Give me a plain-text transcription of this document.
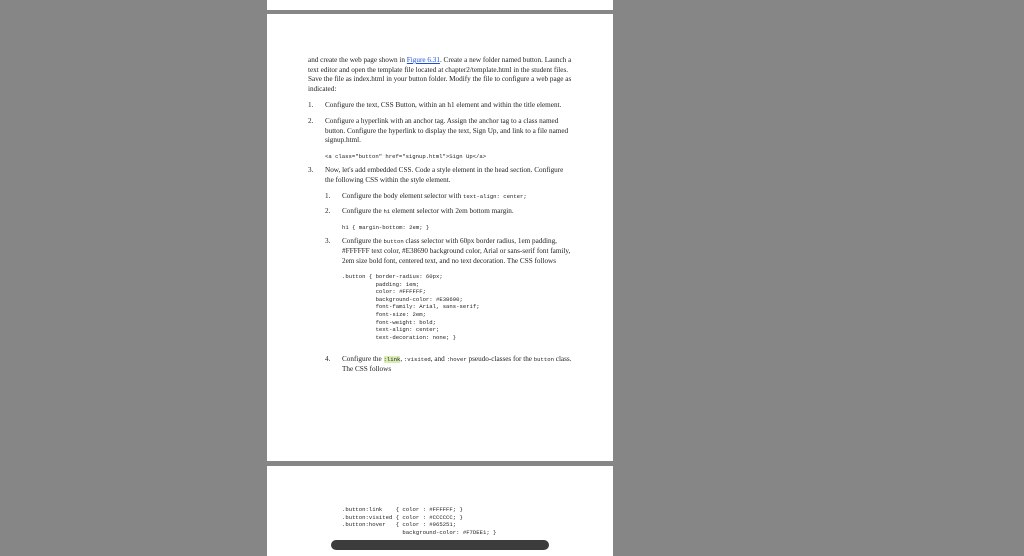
and create the web page shown in Figure 6.31. Create a new folder named button. Launch a text editor and open the template file located at chapter2/template.html in the student files. Save the file as index.html in your button folder. Modify the file to configure a web page as indicated:

1.	Configure the text, CSS Button, within an h1 element and within the title element.
2.	Configure a hyperlink with an anchor tag. Assign the anchor tag to a class named button. Configure the hyperlink to display the text, Sign Up, and link to a file named signup.html.
<a class="button" href="signup.html">Sign Up</a>
3.	Now, let's add embedded CSS. Code a style element in the head section. Configure the following CSS within the style element.
1.	Configure the body element selector with text-align: center;
2.	Configure the h1 element selector with 2em bottom margin.
h1 { margin-bottom: 2em; }
3.	Configure the button class selector with 60px border radius, 1em padding, #FFFFFF text color, #E38690 background color, Arial or sans-serif font family, 2em size bold font, centered text, and no text decoration. The CSS follows
.button { border-radius: 60px;
padding: 1em;
color: #FFFFFF;
background-color: #E38690;
font-family: Arial, sans-serif;
font-size: 2em;
font-weight: bold;
text-align: center;
text-decoration: none; }
4.	Configure the :link, :visited, and :hover pseudo-classes for the button class. The CSS follows
.button:link    { color : #FFFFFF; }
.button:visited { color : #CCCCCC; }
.button:hover   { color : #965251;
background-color: #F7DEE1; }
